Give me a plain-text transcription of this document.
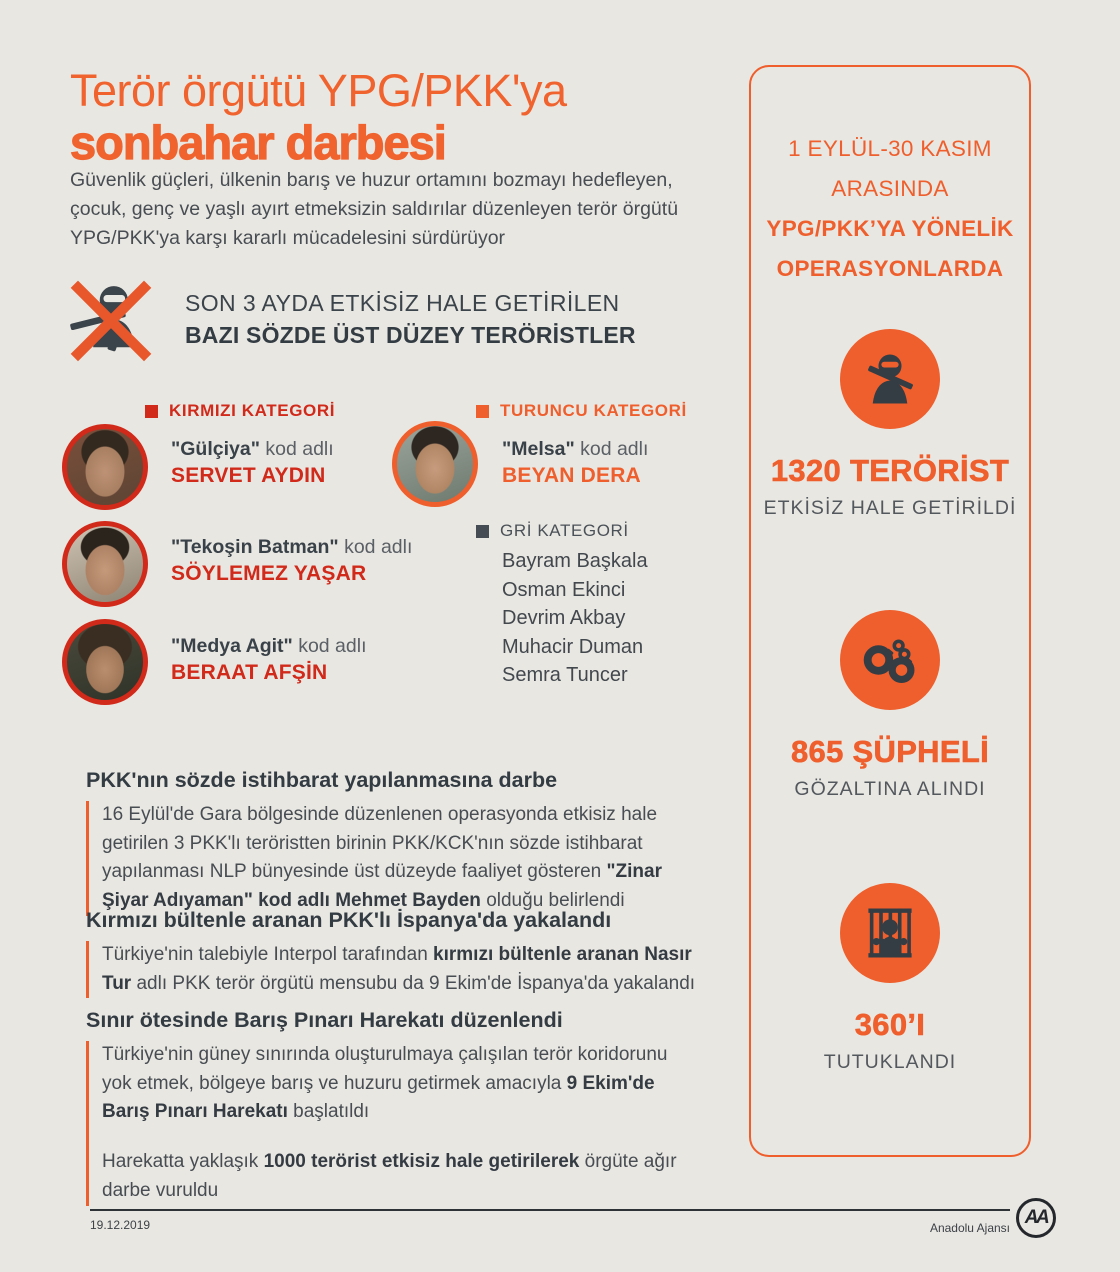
Terör örgütü YPG/PKK'ya
sonbahar darbesi

Güvenlik güçleri, ülkenin barış ve huzur ortamını bozmayı hedefleyen, çocuk, genç ve yaşlı ayırt etmeksizin saldırılar düzenleyen terör örgütü YPG/PKK'ya karşı kararlı mücadelesini sürdürüyor

SON 3 AYDA ETKİSİZ HALE GETİRİLEN
BAZI SÖZDE ÜST DÜZEY TERÖRİSTLER
KIRMIZI KATEGORİ	TURUNCU KATEGORİ
GRİ KATEGORİ
"Gülçiya" kod adlı
SERVET AYDIN
"Tekoşin Batman" kod adlı
SÖYLEMEZ YAŞAR
"Medya Agit" kod adlı
BERAAT AFŞİN
"Melsa" kod adlı
BEYAN DERA
Bayram Başkala
Osman Ekinci
Devrim Akbay
Muhacir Duman
Semra Tuncer
PKK'nın sözde istihbarat yapılanmasına darbe
16 Eylül'de Gara bölgesinde düzenlenen operasyonda etkisiz hale getirilen 3 PKK'lı teröristten birinin PKK/KCK'nın sözde istihbarat yapılanması NLP bünyesinde üst düzeyde faaliyet gösteren "Zinar Şiyar Adıyaman" kod adlı Mehmet Bayden olduğu belirlendi
Kırmızı bültenle aranan PKK'lı İspanya'da yakalandı
Türkiye'nin talebiyle Interpol tarafından kırmızı bültenle aranan Nasır Tur adlı PKK terör örgütü mensubu da 9 Ekim'de İspanya'da yakalandı
Sınır ötesinde Barış Pınarı Harekatı düzenlendi
Türkiye'nin güney sınırında oluşturulmaya çalışılan terör koridorunu yok etmek, bölgeye barış ve huzuru getirmek amacıyla 9 Ekim'de Barış Pınarı Harekatı başlatıldı
Harekatta yaklaşık 1000 terörist etkisiz hale getirilerek örgüte ağır darbe vuruldu
1 EYLÜL-30 KASIM
ARASINDA
YPG/PKK’YA YÖNELİK
OPERASYONLARDA
1320 TERÖRİST
ETKİSİZ HALE GETİRİLDİ
865 ŞÜPHELİ
GÖZALTINA ALINDI
360’I
TUTUKLANDI
19.12.2019	Anadolu Ajansı AA
